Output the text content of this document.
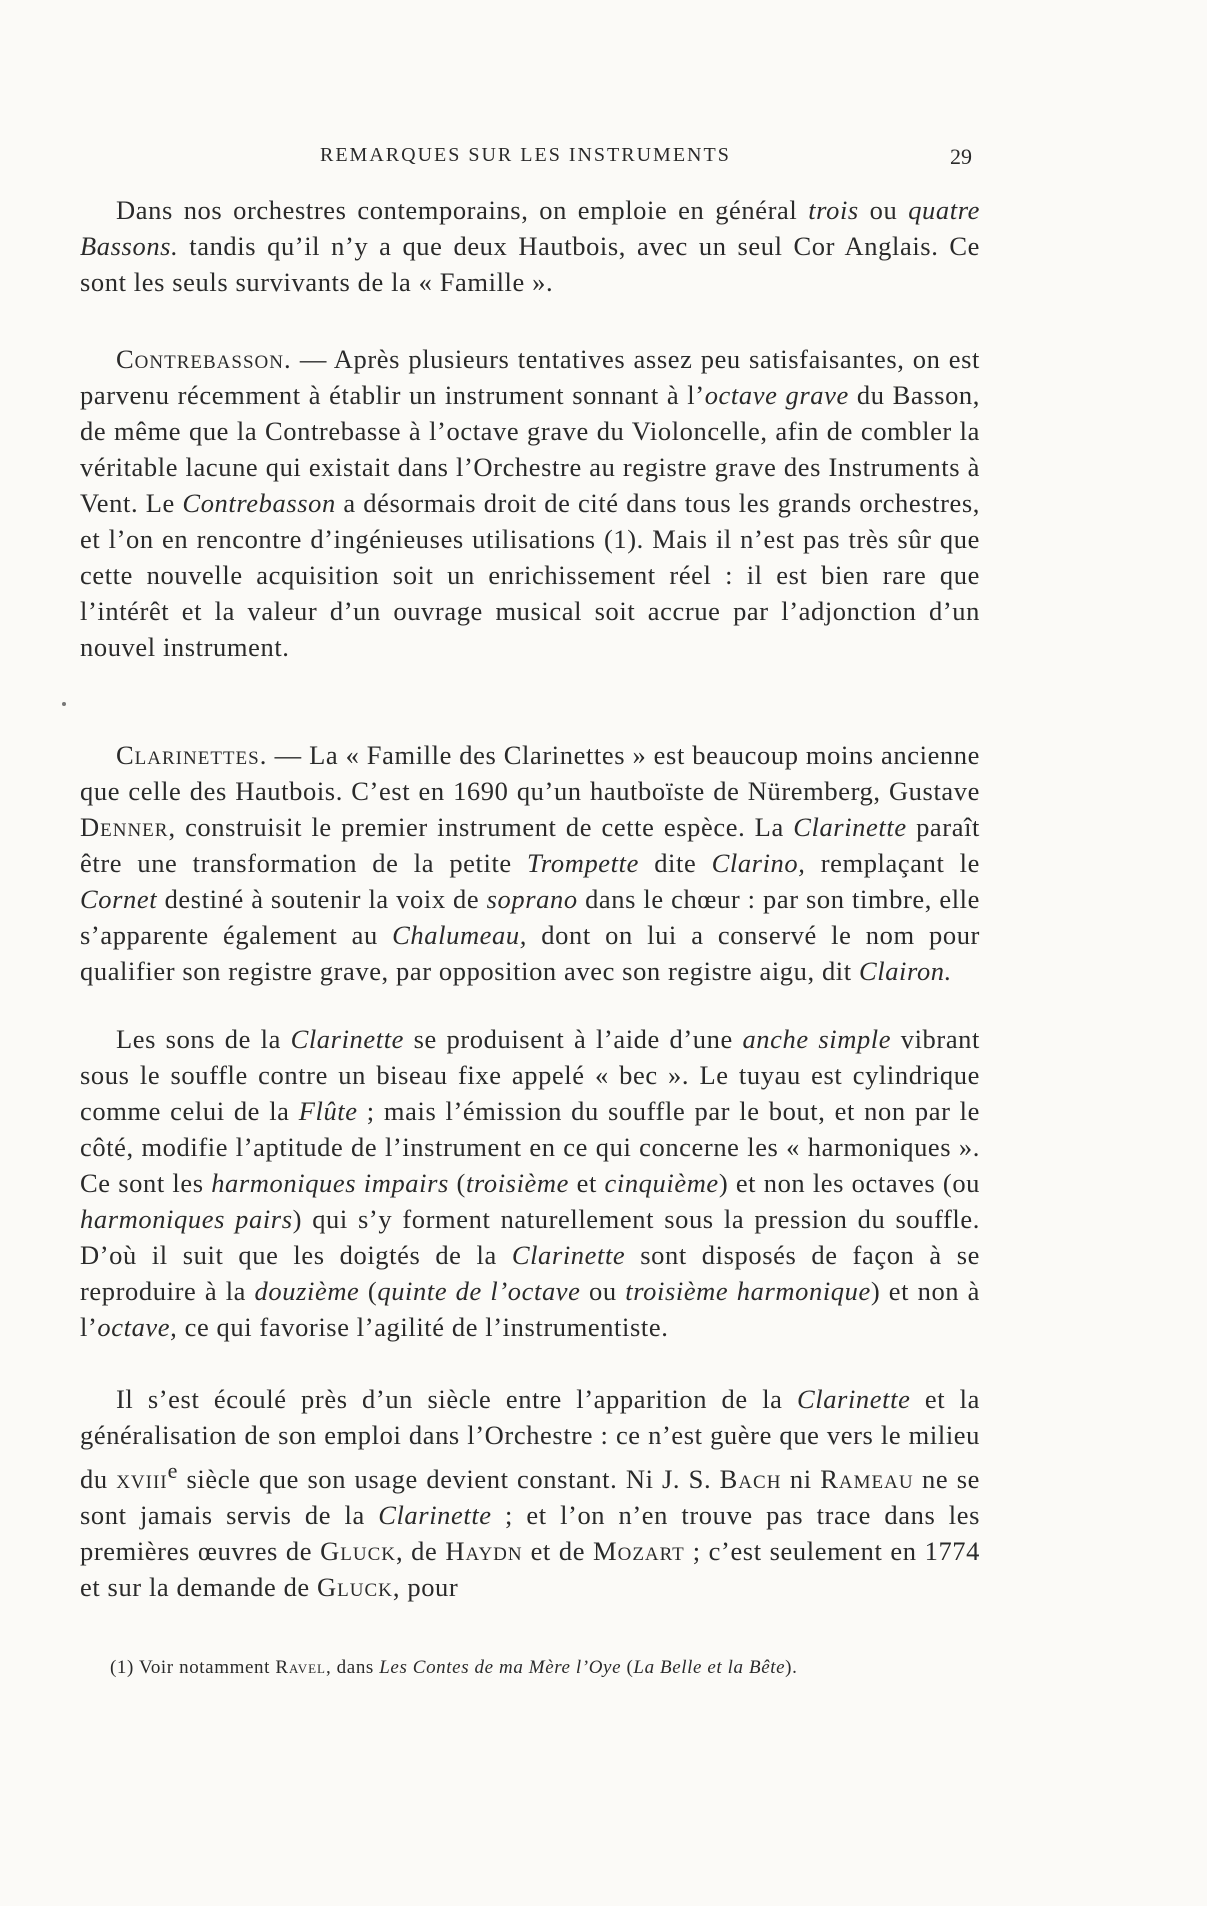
REMARQUES SUR LES INSTRUMENTS	29

Dans nos orchestres contemporains, on emploie en général trois ou quatre Bassons. tandis qu’il n’y a que deux Hautbois, avec un seul Cor Anglais. Ce sont les seuls survivants de la « Famille ».

Contrebasson. — Après plusieurs tentatives assez peu satisfaisantes, on est parvenu récemment à établir un instrument sonnant à l’octave grave du Basson, de même que la Contrebasse à l’octave grave du Violoncelle, afin de combler la véritable lacune qui existait dans l’Orchestre au registre grave des Instruments à Vent. Le Contrebasson a désormais droit de cité dans tous les grands orchestres, et l’on en rencontre d’ingénieuses utilisations (1). Mais il n’est pas très sûr que cette nouvelle acquisition soit un enrichissement réel : il est bien rare que l’intérêt et la valeur d’un ouvrage musical soit accrue par l’adjonction d’un nouvel instrument.

Clarinettes. — La « Famille des Clarinettes » est beaucoup moins ancienne que celle des Hautbois. C’est en 1690 qu’un hautboïste de Nüremberg, Gustave Denner, construisit le premier instrument de cette espèce. La Clarinette paraît être une transformation de la petite Trompette dite Clarino, remplaçant le Cornet destiné à soutenir la voix de soprano dans le chœur : par son timbre, elle s’apparente également au Chalumeau, dont on lui a conservé le nom pour qualifier son registre grave, par opposition avec son registre aigu, dit Clairon.

Les sons de la Clarinette se produisent à l’aide d’une anche simple vibrant sous le souffle contre un biseau fixe appelé « bec ». Le tuyau est cylindrique comme celui de la Flûte ; mais l’émission du souffle par le bout, et non par le côté, modifie l’aptitude de l’instrument en ce qui concerne les « harmoniques ». Ce sont les harmoniques impairs (troisième et cinquième) et non les octaves (ou harmoniques pairs) qui s’y forment naturellement sous la pression du souffle. D’où il suit que les doigtés de la Clarinette sont disposés de façon à se reproduire à la douzième (quinte de l’octave ou troisième harmonique) et non à l’octave, ce qui favorise l’agilité de l’instrumentiste.

Il s’est écoulé près d’un siècle entre l’apparition de la Clarinette et la généralisation de son emploi dans l’Orchestre : ce n’est guère que vers le milieu du xviii$^e$ siècle que son usage devient constant. Ni J. S. Bach ni Rameau ne se sont jamais servis de la Clarinette ; et l’on n’en trouve pas trace dans les premières œuvres de Gluck, de Haydn et de Mozart ; c’est seulement en 1774 et sur la demande de Gluck, pour

(1) Voir notamment Ravel, dans Les Contes de ma Mère l’Oye (La Belle et la Bête).
